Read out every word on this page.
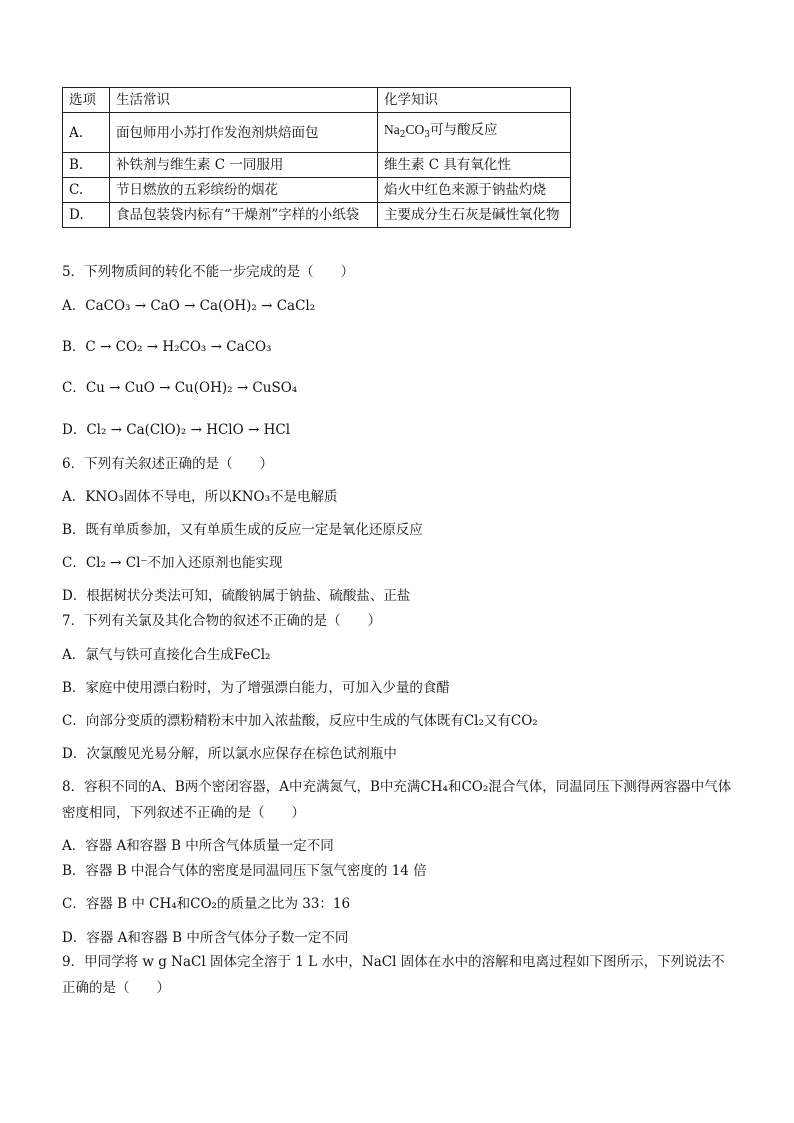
选项	生活常识	化学知识
A.	面包师用小苏打作发泡剂烘焙面包	$Na_2CO_3$可与酸反应
B.	补铁剂与维生素 C 一同服用	维生素 C 具有氧化性
C.	节日燃放的五彩缤纷的烟花	焰火中红色来源于钠盐灼烧
D.	食品包装袋内标有“干燥剂”字样的小纸袋	主要成分生石灰是碱性氧化物
5．下列物质间的转化不能一步完成的是（　　）
A．CaCO₃ → CaO → Ca(OH)₂ → CaCl₂
B．C → CO₂ → H₂CO₃ → CaCO₃
C．Cu → CuO → Cu(OH)₂ → CuSO₄
D．Cl₂ → Ca(ClO)₂ → HClO → HCl
6．下列有关叙述正确的是（　　）
A．KNO₃固体不导电，所以KNO₃不是电解质
B．既有单质参加，又有单质生成的反应一定是氧化还原反应
C．Cl₂ → Cl⁻不加入还原剂也能实现
D．根据树状分类法可知，硫酸钠属于钠盐、硫酸盐、正盐
7．下列有关氯及其化合物的叙述不正确的是（　　）
A．氯气与铁可直接化合生成FeCl₂
B．家庭中使用漂白粉时，为了增强漂白能力，可加入少量的食醋
C．向部分变质的漂粉精粉末中加入浓盐酸，反应中生成的气体既有Cl₂又有CO₂
D．次氯酸见光易分解，所以氯水应保存在棕色试剂瓶中
8．容积不同的A、B两个密闭容器，A中充满氮气，B中充满CH₄和CO₂混合气体，同温同压下测得两容器中气体密度相同，下列叙述不正确的是（　　）
A．容器 A和容器 B 中所含气体质量一定不同
B．容器 B 中混合气体的密度是同温同压下氢气密度的 14 倍
C．容器 B 中 CH₄和CO₂的质量之比为 33：16
D．容器 A和容器 B 中所含气体分子数一定不同
9．甲同学将 w g NaCl 固体完全溶于 1 L 水中，NaCl 固体在水中的溶解和电离过程如下图所示，下列说法不正确的是（　　）
